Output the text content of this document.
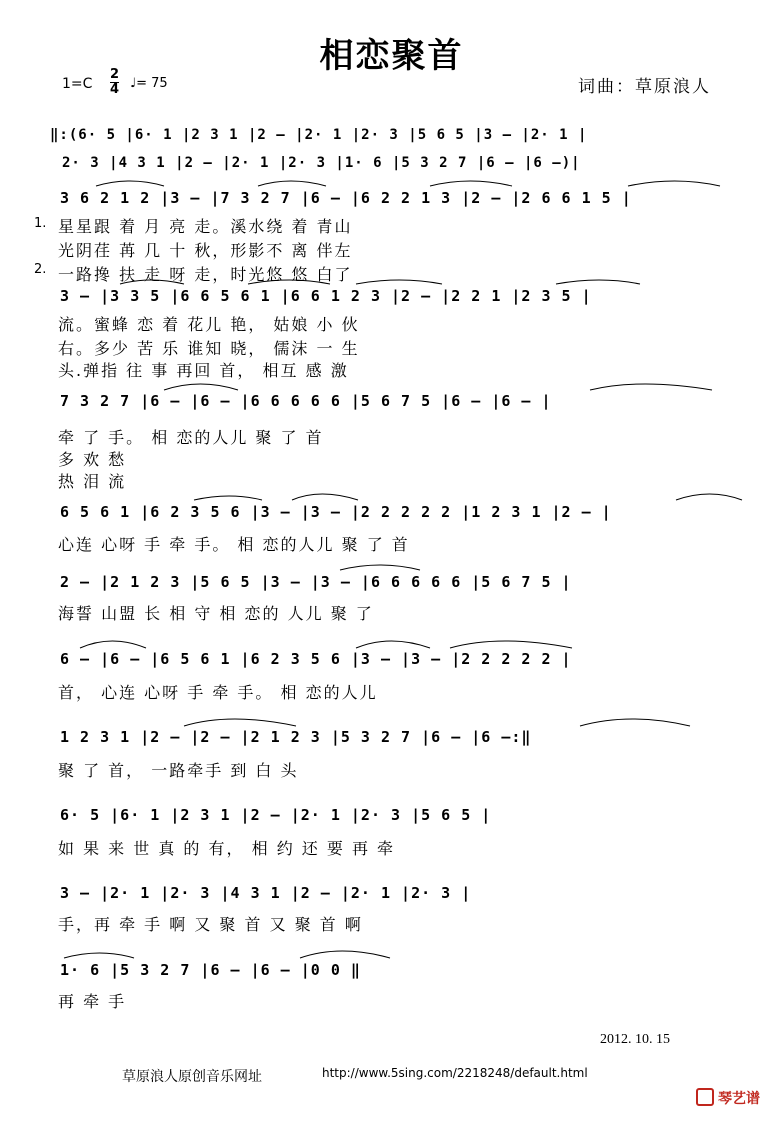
相恋聚首
1=C
2
4 ♩= 75	词曲：草原浪人
‖:(6· 5 |6· 1 |2 3 1 |2 – |2· 1 |2· 3 |5 6 5 |3 – |2· 1 |
2· 3 |4 3 1 |2 – |2· 1 |2· 3 |1· 6 |5 3 2 7 |6 – |6 –)|
3 6 2 1 2 |3 – |7 3 2 7 |6 – |6 2 2 1 3 |2 – |2 6 6 1 5 |
1.
2.
星星跟 着 月 亮 走。溪水绕 着 青山
光阴荏 苒 几 十 秋，形影不 离 伴左
一路搀 扶 走 呀 走，时光悠 悠 白了
3 – |3 3 5 |6 6 5 6 1 |6 6 1 2 3 |2 – |2 2 1 |2 3 5 |
流。蜜蜂 恋 着 花儿 艳， 姑娘 小 伙
右。多少 苦 乐 谁知 晓， 儒沫 一 生
头.弹指 往 事 再回 首， 相互 感 激
7 3 2 7 |6 – |6 – |6 6 6 6 6 |5 6 7 5 |6 – |6 – |
牵 了 手。 相 恋的人儿 聚 了 首
多 欢 愁
热 泪 流
6 5 6 1 |6 2 3 5 6 |3 – |3 – |2 2 2 2 2 |1 2 3 1 |2 – |
心连 心呀 手 牵 手。 相 恋的人儿 聚 了 首
2 – |2 1 2 3 |5 6 5 |3 – |3 – |6 6 6 6 6 |5 6 7 5 |
海誓 山盟 长 相 守 相 恋的 人儿 聚 了
6 – |6 – |6 5 6 1 |6 2 3 5 6 |3 – |3 – |2 2 2 2 2 |
首， 心连 心呀 手 牵 手。 相 恋的人儿
1 2 3 1 |2 – |2 – |2 1 2 3 |5 3 2 7 |6 – |6 –:‖
聚 了 首， 一路牵手 到 白 头
6· 5 |6· 1 |2 3 1 |2 – |2· 1 |2· 3 |5 6 5 |
如 果 来 世 真 的 有， 相 约 还 要 再 牵
3 – |2· 1 |2· 3 |4 3 1 |2 – |2· 1 |2· 3 |
手，再 牵 手 啊 又 聚 首 又 聚 首 啊
1· 6 |5 3 2 7 |6 – |6 – |0 0 ‖
再 牵 手
2012. 10. 15
草原浪人原创音乐网址	http://www.5sing.com/2218248/default.html
琴艺谱
